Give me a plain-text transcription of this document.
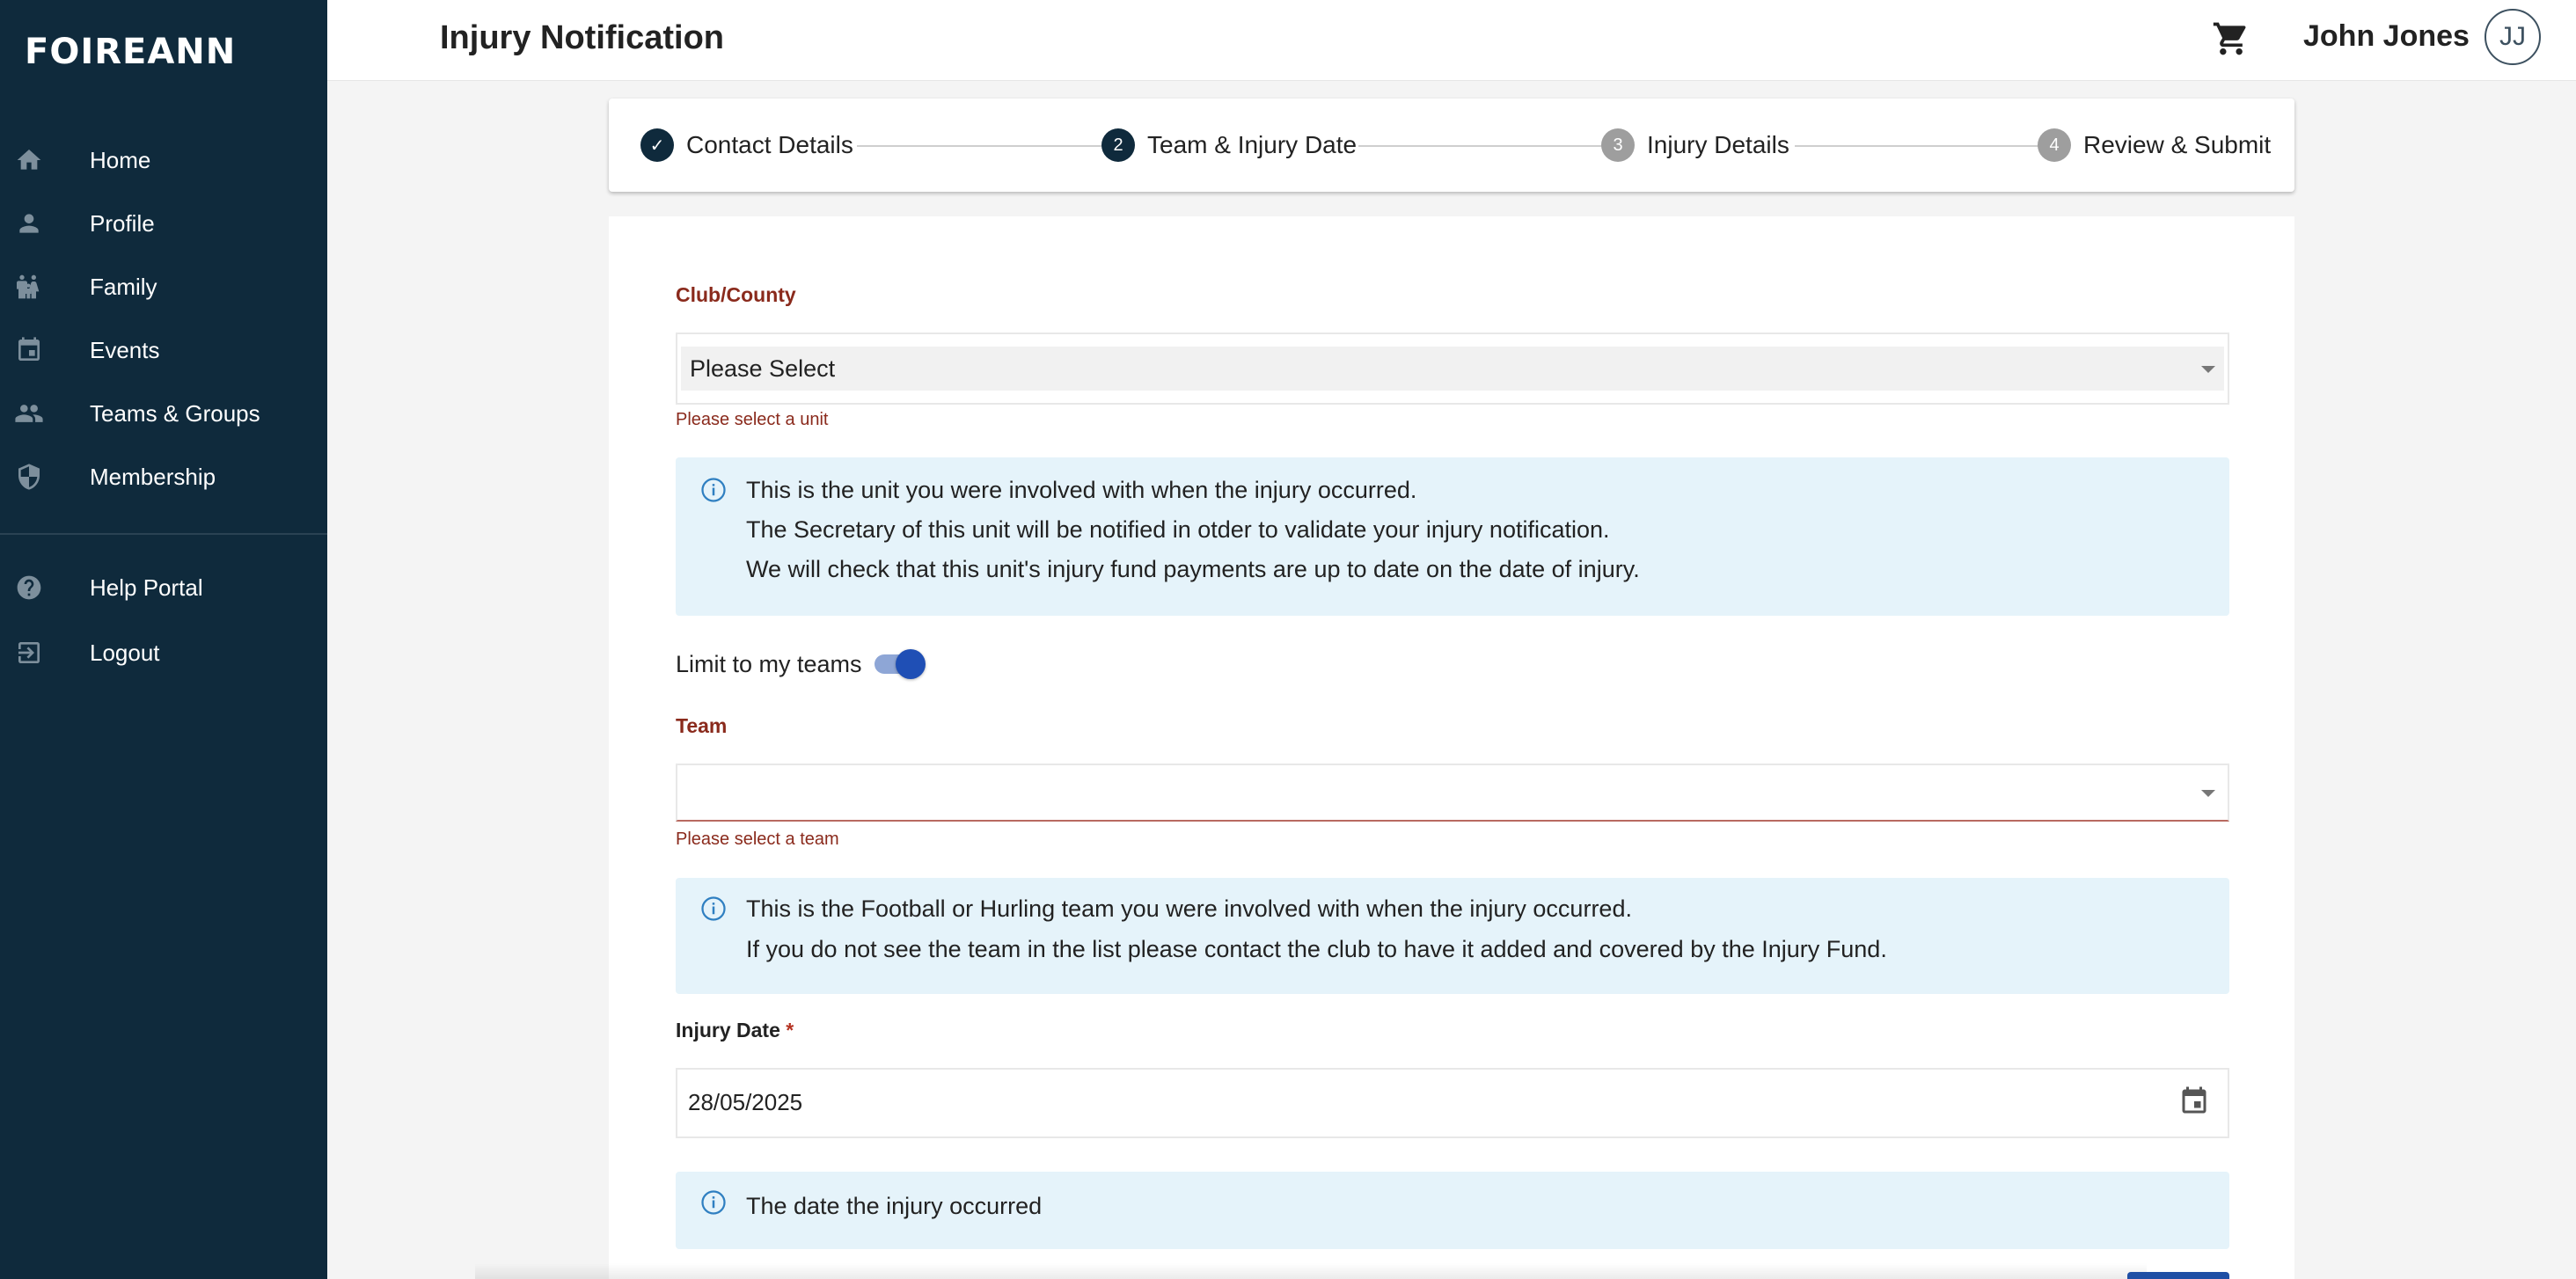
FOIREANN
Home
Profile
Family
Events
Teams & Groups
Membership
Help Portal
Logout
Injury Notification	John Jones	JJ
✓ Contact Details	2 Team & Injury Date	3 Injury Details	4 Review & Submit
Club/County
Please Select
Please select a unit
This is the unit you were involved with when the injury occurred.
The Secretary of this unit will be notified in otder to validate your injury notification.
We will check that this unit's injury fund payments are up to date on the date of injury.
Limit to my teams
Team
Please select a team
This is the Football or Hurling team you were involved with when the injury occurred.
If you do not see the team in the list please contact the club to have it added and covered by the Injury Fund.
Injury Date *
28/05/2025
The date the injury occurred
